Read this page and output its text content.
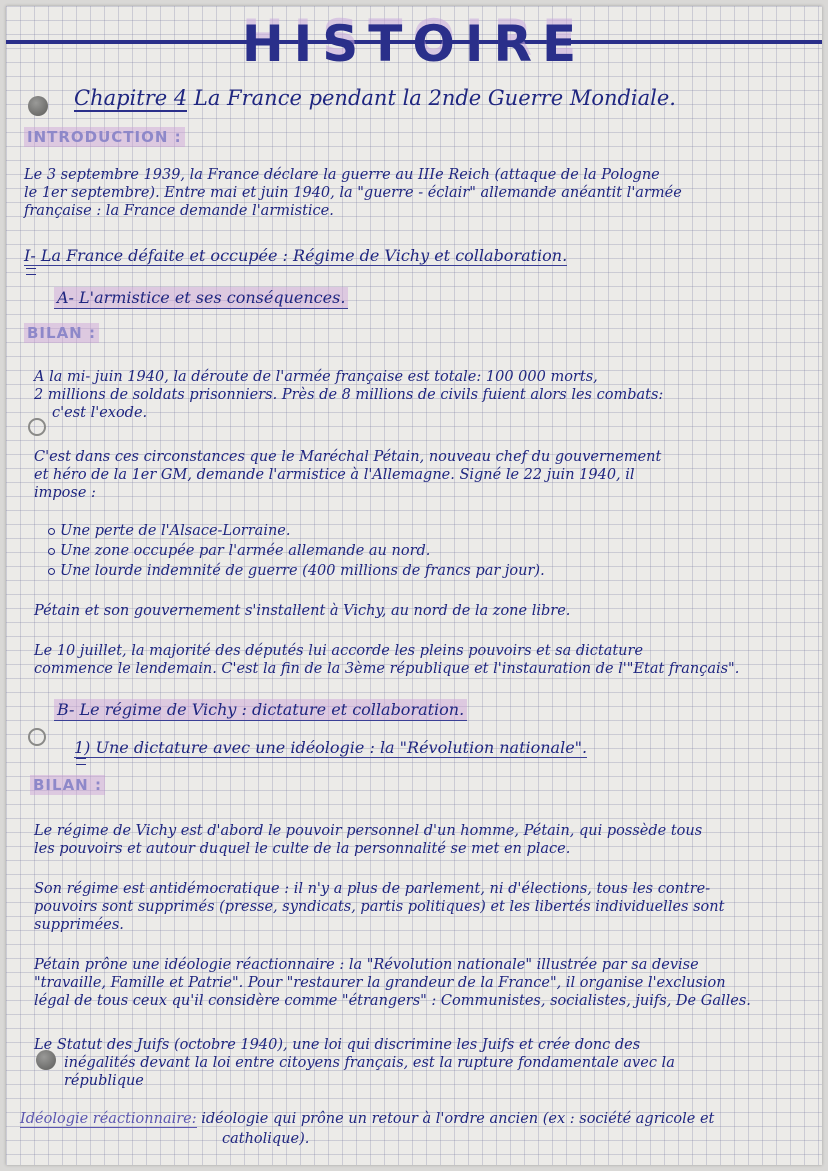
HISTOIRE
Chapitre 4 La France pendant la 2nde Guerre Mondiale.
INTRODUCTION :
Le 3 septembre 1939, la France déclare la guerre au IIIe Reich (attaque de la Pologne
le 1er septembre). Entre mai et juin 1940, la "guerre - éclair" allemande anéantit l'armée
française : la France demande l'armistice.
I- La France défaite et occupée : Régime de Vichy et collaboration.
A- L'armistice et ses conséquences.
BILAN :
A la mi- juin 1940, la déroute de l'armée française est totale: 100 000 morts,
2 millions de soldats prisonniers. Près de 8 millions de civils fuient alors les combats:
c'est l'exode.
C'est dans ces circonstances que le Maréchal Pétain, nouveau chef du gouvernement
et héro de la 1er GM, demande l'armistice à l'Allemagne. Signé le 22 juin 1940, il
impose :
Une perte de l'Alsace-Lorraine.
Une zone occupée par l'armée allemande au nord.
Une lourde indemnité de guerre (400 millions de francs par jour).
Pétain et son gouvernement s'installent à Vichy, au nord de la zone libre.
Le 10 juillet, la majorité des députés lui accorde les pleins pouvoirs et sa dictature
commence le lendemain. C'est la fin de la 3ème république et l'instauration de l'"Etat français".
B- Le régime de Vichy : dictature et collaboration.
1) Une dictature avec une idéologie : la "Révolution nationale".
BILAN :
Le régime de Vichy est d'abord le pouvoir personnel d'un homme, Pétain, qui possède tous
les pouvoirs et autour duquel le culte de la personnalité se met en place.
Son régime est antidémocratique : il n'y a plus de parlement, ni d'élections, tous les contre-
pouvoirs sont supprimés (presse, syndicats, partis politiques) et les libertés individuelles sont
supprimées.
Pétain prône une idéologie réactionnaire : la "Révolution nationale" illustrée par sa devise
"travaille, Famille et Patrie". Pour "restaurer la grandeur de la France", il organise l'exclusion
légal de tous ceux qu'il considère comme "étrangers" : Communistes, socialistes, juifs, De Galles.
Le Statut des Juifs (octobre 1940), une loi qui discrimine les Juifs et crée donc des
inégalités devant la loi entre citoyens français, est la rupture fondamentale avec la
république
Idéologie réactionnaire: idéologie qui prône un retour à l'ordre ancien (ex : société agricole et
catholique).
